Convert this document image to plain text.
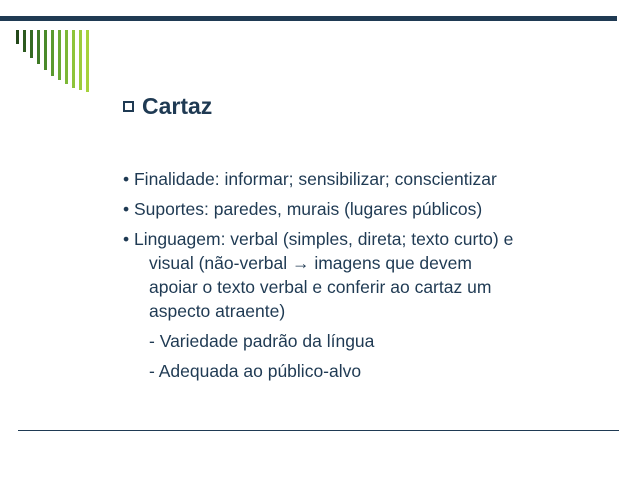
Cartaz
• Finalidade: informar; sensibilizar; conscientizar
• Suportes: paredes, murais (lugares públicos)
• Linguagem: verbal (simples, direta; texto curto) e
visual (não-verbal → imagens que devem
apoiar o texto verbal e conferir ao cartaz um
aspecto atraente)
- Variedade padrão da língua
- Adequada ao público-alvo
